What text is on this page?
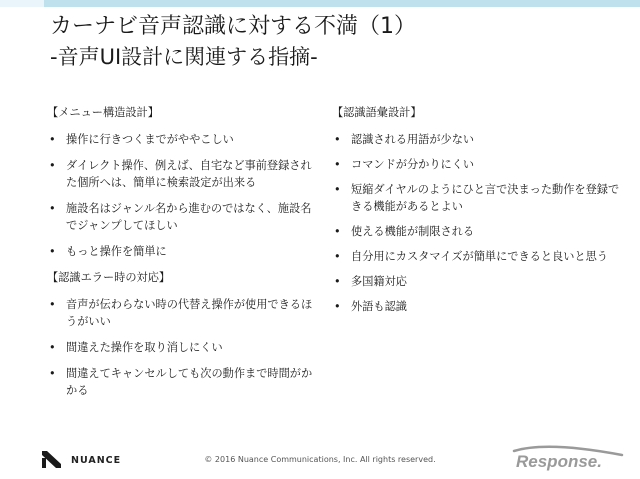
カーナビ音声認識に対する不満（1）
-音声UI設計に関連する指摘-
【メニュー構造設計】
• 操作に行きつくまでがややこしい
• ダイレクト操作、例えば、自宅など事前登録された個所へは、簡単に検索設定が出来る
• 施設名はジャンル名から進むのではなく、施設名でジャンプしてほしい
• もっと操作を簡単に
【認識エラー時の対応】
• 音声が伝わらない時の代替え操作が使用できるほうがいい
• 間違えた操作を取り消しにくい
• 間違えてキャンセルしても次の動作まで時間がかかる
【認識語彙設計】
• 認識される用語が少ない
• コマンドが分かりにくい
• 短縮ダイヤルのようにひと言で決まった動作を登録できる機能があるとよい
• 使える機能が制限される
• 自分用にカスタマイズが簡単にできると良いと思う
• 多国籍対応
• 外語も認識
NUANCE	© 2016 Nuance Communications, Inc. All rights reserved.	Response.
